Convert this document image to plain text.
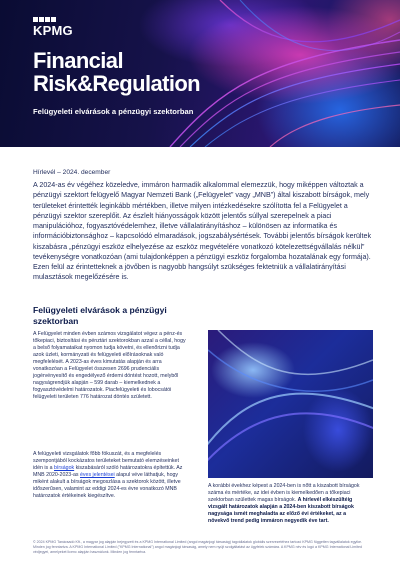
KPMG
Financial
Risk&Regulation
Felügyeleti elvárások a pénzügyi szektorban
Hírlevél – 2024. december

A 2024-as év végéhez közeledve, immáron harmadik alkalommal elemezzük, hogy miképpen változtak a pénzügyi szektort felügyelő Magyar Nemzeti Bank („Felügyelet” vagy „MNB”) által kiszabott bírságok, mely területeket érintették leginkább mértékben, illetve milyen intézkedésekre szólította fel a Felügyelet a pénzügyi szektor szereplőit. Az észlelt hiányosságok között jelentős súllyal szerepelnek a piaci manipulációhoz, fogyasztóvédelemhez, illetve vállalatirányításhoz – különösen az informatika és információbiztonsághoz – kapcsolódó elmaradások, jogszabálysértések. További jelentős bírságok kerültek kiszabásra „pénzügyi eszköz elhelyezése az eszköz megvételére vonatkozó kötelezettségvállalás nélkül” tevékenységre vonatkozóan (ami tulajdonképpen a pénzügyi eszköz forgalomba hozatalának egy formája). Ezen felül az érintetteknek a jövőben is nagyobb hangsúlyt szükséges fektetniük a vállalatirányítási mulasztások megelőzésére is.

Felügyeleti elvárások a pénzügyi szektorban

A Felügyelet minden évben számos vizsgálatot végez a pénz-és tőkepiaci, biztosítási és pénztári szektorokban azzal a céllal, hogy a belső folyamataikat nyomon tudja követni, és ellenőrizni tudja azok üzleti, kormányzati és felügyeleti előírásoknak való megfelelését. A 2023-as éves kimutatás alapján és arra vonatkozóan a Felügyelet összesen 2696 prudenciális jogérvényesítő és engedélyező érdemi döntést hozott, melyből nagyságrendjük alapján – 599 darab – kiemelkednek a fogyasztóvédelmi határozatok. Piacfelügyeleti és lobocsátói felügyeleti területen 776 határozat döntés született.

A felügyeleti vizsgálatok főbb fókuszát, és a megfelelés szempontjából kockázatos területeket bemutató elemzéseinket idén is a bírságok kiszabásáról szóló határozatokra építettük. Az MNB 2020-2023-as éves jelentései alapul véve láthatjuk, hogy miként alakult a bírságok megoszlása a szektorok között, illetve időszerűsen, valamint az eddigi 2024-es évre vonatkozó MNB határozatok értékeinek kiegészítve.

A korábbi évekhez képest a 2024-ben is nőtt a kiszabott bírságok száma és mértéke, az idei évben is kiemelkedően a tőkepiaci szektorban születtek magas bírságok. A hírlevél elkészültéig vizsgált határozatok alapján a 2024-ben kiszabott bírságok nagysága ismét meghaladta az előző évi értékeket, az a növekvő trend pedig immáron negyedik éve tart.

© 2024 KPMG Tanácsadó Kft., a magyar jog alapján bejegyzett és a KPMG International Limited (angol magánjogi társaság) tagvállalatok globális szervezetéhez tartozó KPMG független tagvállalatok egyike. Minden jog fenntartva. A KPMG International Limited ("KPMG International") angol magánjogi társaság, amely nem nyújt szolgáltatást az ügyfelek számára. A KPMG név és logó a KPMG International Limited védjegyei, amelyeket licenc alapján használunk. Minden jog fenntartva.
